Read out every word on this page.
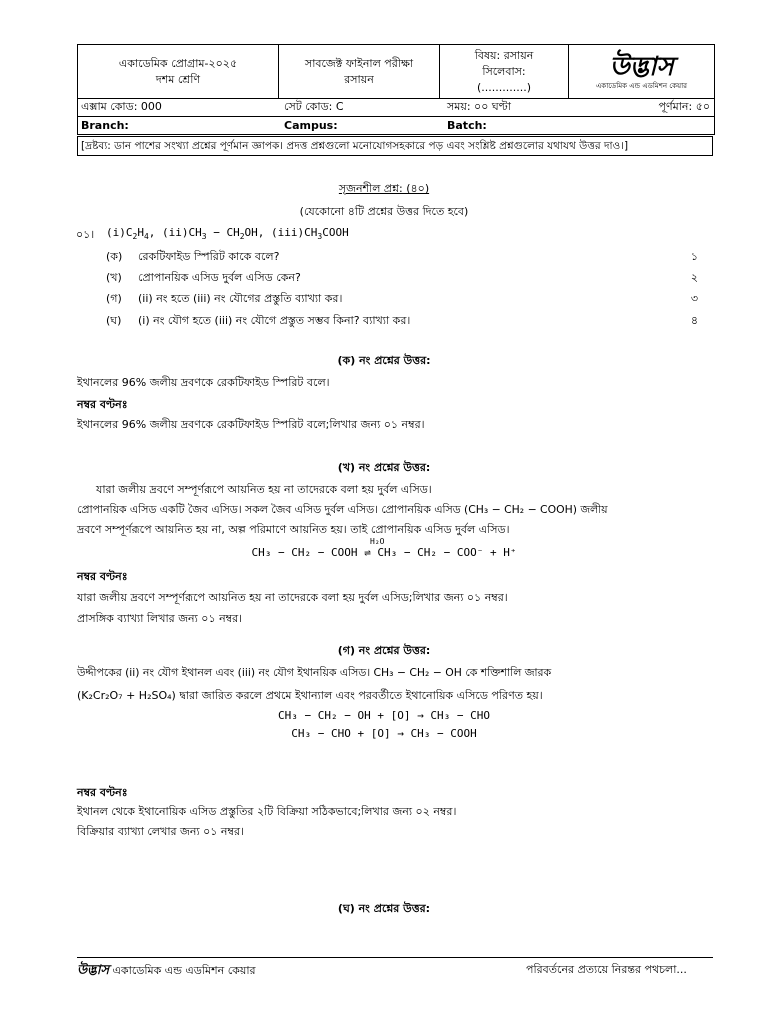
একাডেমিক প্রোগ্রাম-২০২৫
দশম শ্রেণি
সাবজেক্ট ফাইনাল পরীক্ষা
রসায়ন
বিষয়: রসায়ন
সিলেবাস:
(.............)
উদ্ভাস
একাডেমিক এন্ড এডমিশন কেয়ার
এক্সাম কোড: 000	সেট কোড: C	সময়: ০০ ঘণ্টা	পূর্ণমান: ৫০
Branch:	Campus:	Batch:
[দ্রষ্টব্য: ডান পাশের সংখ্যা প্রশ্নের পূর্ণমান জ্ঞাপক। প্রদত্ত প্রশ্নগুলো মনোযোগসহকারে পড় এবং সংশ্লিষ্ট প্রশ্নগুলোর যথাযথ উত্তর দাও।]
সৃজনশীল প্রশ্ন: (৪০)
(যেকোনো ৪টি প্রশ্নের উত্তর দিতে হবে)
০১। $(i)C_2H_4$, $(ii)CH_3 - CH_2OH$, $(iii)CH_3COOH$
(ক) রেকটিফাইড স্পিরিট কাকে বলে?	১
(খ) প্রোপানয়িক এসিড দুর্বল এসিড কেন?	২
(গ) (ii) নং হতে (iii) নং যৌগের প্রস্তুতি ব্যাখ্যা কর।	৩
(ঘ) (i) নং যৌগ হতে (iii) নং যৌগে প্রস্তুত সম্ভব কিনা? ব্যাখ্যা কর।	৪
(ক) নং প্রশ্নের উত্তর:
ইথানলের 96% জলীয় দ্রবণকে রেকটিফাইড স্পিরিট বলে।
নম্বর বণ্টনঃ
ইথানলের 96% জলীয় দ্রবণকে রেকটিফাইড স্পিরিট বলে;লিখার জন্য ০১ নম্বর।
(খ) নং প্রশ্নের উত্তর:
যারা জলীয় দ্রবণে সম্পূর্ণরূপে আয়নিত হয় না তাদেরকে বলা হয় দুর্বল এসিড।
প্রোপানয়িক এসিড একটি জৈব এসিড। সকল জৈব এসিড দুর্বল এসিড। প্রোপানয়িক এসিড (CH₃ − CH₂ − COOH) জলীয়
দ্রবণে সম্পূর্ণরূপে আয়নিত হয় না, অল্প পরিমাণে আয়নিত হয়। তাই প্রোপানয়িক এসিড দুর্বল এসিড।
H₂O
CH₃ − CH₂ − COOH ⇌ CH₃ − CH₂ − COO⁻ + H⁺
নম্বর বণ্টনঃ
যারা জলীয় দ্রবণে সম্পূর্ণরূপে আয়নিত হয় না তাদেরকে বলা হয় দুর্বল এসিড;লিখার জন্য ০১ নম্বর।
প্রাসঙ্গিক ব্যাখ্যা লিখার জন্য ০১ নম্বর।
(গ) নং প্রশ্নের উত্তর:
উদ্দীপকের (ii) নং যৌগ ইথানল এবং (iii) নং যৌগ ইথানয়িক এসিড। CH₃ − CH₂ − OH কে শক্তিশালি জারক
(K₂Cr₂O₇ + H₂SO₄) দ্বারা জারিত করলে প্রথমে ইথান্যাল এবং পরবর্তীতে ইথানোয়িক এসিডে পরিণত হয়।
CH₃ − CH₂ − OH + [O] → CH₃ − CHO
CH₃ − CHO + [O] → CH₃ − COOH
নম্বর বণ্টনঃ
ইথানল থেকে ইথানোয়িক এসিড প্রস্তুতির ২টি বিক্রিয়া সঠিকভাবে;লিখার জন্য ০২ নম্বর।
বিক্রিয়ার ব্যাখ্যা লেখার জন্য ০১ নম্বর।
(ঘ) নং প্রশ্নের উত্তর:
উদ্ভাস একাডেমিক এন্ড এডমিশন কেয়ার	পরিবর্তনের প্রত্যয়ে নিরন্তর পথচলা...
